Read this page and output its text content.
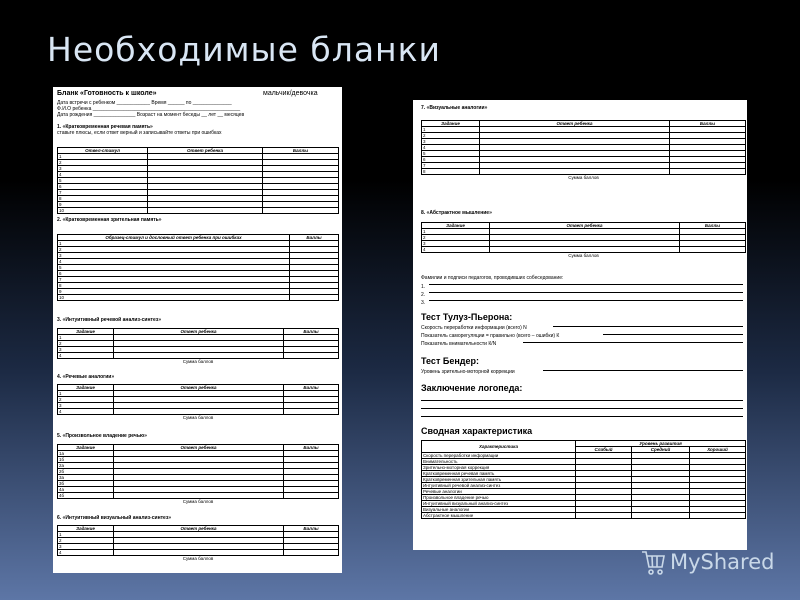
Необходимые бланки
Бланк «Готовность к школе»	мальчик/девочка
Дата встречи с ребенком ____________ Время ______ по ______________
Ф.И.О ребенка _____________________________________________________
Дата рождения _______________ Возраст на момент беседы __ лет __ месяцев
1. «Кратковременная речевая память»
ставьте плюсы, если ответ верный и записывайте ответы при ошибках
Отвел-стимул	Ответ ребенка	Баллы
1		
2		
3		
4		
5		
6		
7		
8		
9		
10		
2. «Кратковременная зрительная память»
Образец-стимул и дословный ответ ребенка при ошибках	Баллы
1	
2	
3	
4	
5	
6	
7	
8	
9	
10	
3. «Интуитивный речевой анализ-синтез»
Задание	Ответ ребенка	Баллы
1		
2		
3		
4		
Сумма баллов		
4. «Речевые аналогии»
Задание	Ответ ребенка	Баллы
1		
2		
3		
4		
Сумма баллов		
5. «Произвольное владение речью»
Задание	Ответ ребенка	Баллы
1а		
1б		
2а		
2б		
3а		
3б		
4а		
4б		
Сумма баллов		
6. «Интуитивный визуальный анализ-синтез»
Задание	Ответ ребенка	Баллы
1		
2		
3		
4		
Сумма баллов		
7. «Визуальные аналогии»
Задание	Ответ ребенка	Баллы
1		
2		
3		
4		
5		
6		
7		
8		
Сумма баллов		
8. «Абстрактное мышление»
Задание	Ответ ребенка	Баллы
1		
2		
3		
4		
Сумма баллов		
Фамилии и подписи педагогов, проводивших собеседование:
1.
2.
3.
Тест Тулуз-Пьерона:
Скорость переработки информации (всего) N
Показатель саморегуляции = правильно (всего – ошибки) К
Показатель внимательности К/N
Тест Бендер:
Уровень зрительно-моторной коррекции
Заключение логопеда:
Сводная характеристика
Характеристика	Уровень развития		
	Слабый	Средний	Хороший
Скорость переработки информации			
Внимательность			
Зрительно-моторная коррекция			
Кратковременная речевая память			
Кратковременная зрительная память			
Интуитивный речевой анализ-синтез			
Речевые аналогии			
Произвольное владение речью			
Интуитивный визуальный анализ-синтез			
Визуальные аналогии			
Абстрактное мышление			
MyShared
